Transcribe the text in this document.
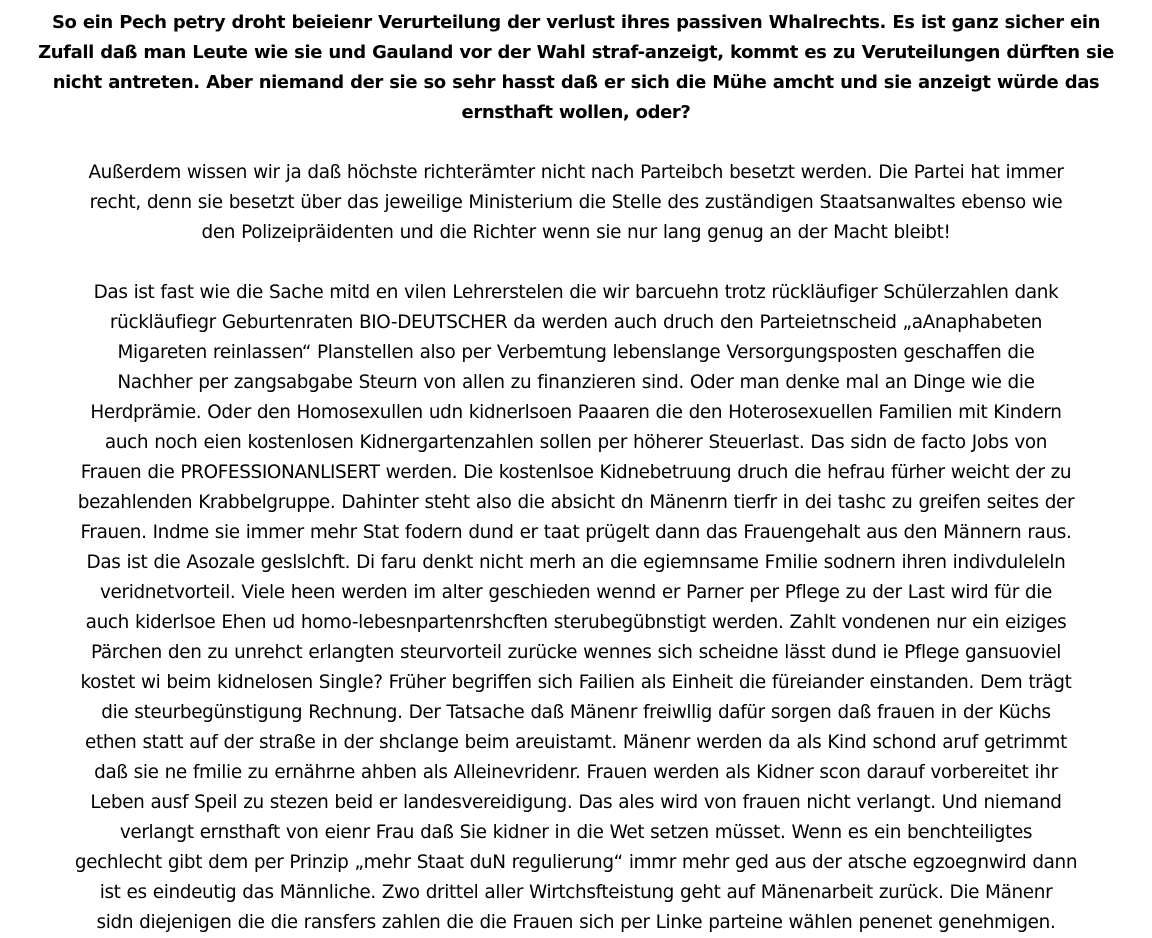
So ein Pech petry droht beieienr Verurteilung der verlust ihres passiven Whalrechts. Es ist ganz sicher ein
Zufall daß man Leute wie sie und Gauland vor der Wahl straf-anzeigt, kommt es zu Veruteilungen dürften sie
nicht antreten. Aber niemand der sie so sehr hasst daß er sich die Mühe amcht und sie anzeigt würde das
ernsthaft wollen, oder?

Außerdem wissen wir ja daß höchste richterämter nicht nach Parteibch besetzt werden. Die Partei hat immer
recht, denn sie besetzt über das jeweilige Ministerium die Stelle des zuständigen Staatsanwaltes ebenso wie
den Polizeipräidenten und die Richter wenn sie nur lang genug an der Macht bleibt!

Das ist fast wie die Sache mitd en vilen Lehrerstelen die wir barcuehn trotz rückläufiger Schülerzahlen dank
rückläufiegr Geburtenraten BIO-DEUTSCHER da werden auch druch den Parteietnscheid „aAnaphabeten
Migareten reinlassen“ Planstellen also per Verbemtung lebenslange Versorgungsposten geschaffen die
Nachher per zangsabgabe Steurn von allen zu finanzieren sind. Oder man denke mal an Dinge wie die
Herdprämie. Oder den Homosexullen udn kidnerlsoen Paaaren die den Hoterosexuellen Familien mit Kindern
auch noch eien kostenlosen Kidnergartenzahlen sollen per höherer Steuerlast. Das sidn de facto Jobs von
Frauen die PROFESSIONANLISERT werden. Die kostenlsoe Kidnebetruung druch die hefrau fürher weicht der zu
bezahlenden Krabbelgruppe. Dahinter steht also die absicht dn Mänenrn tierfr in dei tashc zu greifen seites der
Frauen. Indme sie immer mehr Stat fodern dund er taat prügelt dann das Frauengehalt aus den Männern raus.
Das ist die Asozale geslslchft. Di faru denkt nicht merh an die egiemnsame Fmilie sodnern ihren indivduleleln
veridnetvorteil. Viele heen werden im alter geschieden wennd er Parner per Pflege zu der Last wird für die
auch kiderlsoe Ehen ud homo-lebesnpartenrshcften sterubegübnstigt werden. Zahlt vondenen nur ein eiziges
Pärchen den zu unrehct erlangten steurvorteil zurücke wennes sich scheidne lässt dund ie Pflege gansuoviel
kostet wi beim kidnelosen Single? Früher begriffen sich Failien als Einheit die füreiander einstanden. Dem trägt
die steurbegünstigung Rechnung. Der Tatsache daß Mänenr freiwllig dafür sorgen daß frauen in der Küchs
ethen statt auf der straße in der shclange beim areuistamt. Mänenr werden da als Kind schond aruf getrimmt
daß sie ne fmilie zu ernährne ahben als Alleinevridenr. Frauen werden als Kidner scon darauf vorbereitet ihr
Leben ausf Speil zu stezen beid er landesvereidigung. Das ales wird von frauen nicht verlangt. Und niemand
verlangt ernsthaft von eienr Frau daß Sie kidner in die Wet setzen müsset. Wenn es ein benchteiligtes
gechlecht gibt dem per Prinzip „mehr Staat duN regulierung“ immr mehr ged aus der atsche egzoegnwird dann
ist es eindeutig das Männliche. Zwo drittel aller Wirtchsfteistung geht auf Mänenarbeit zurück. Die Mänenr
sidn diejenigen die die ransfers zahlen die die Frauen sich per Linke parteine wählen penenet genehmigen.
